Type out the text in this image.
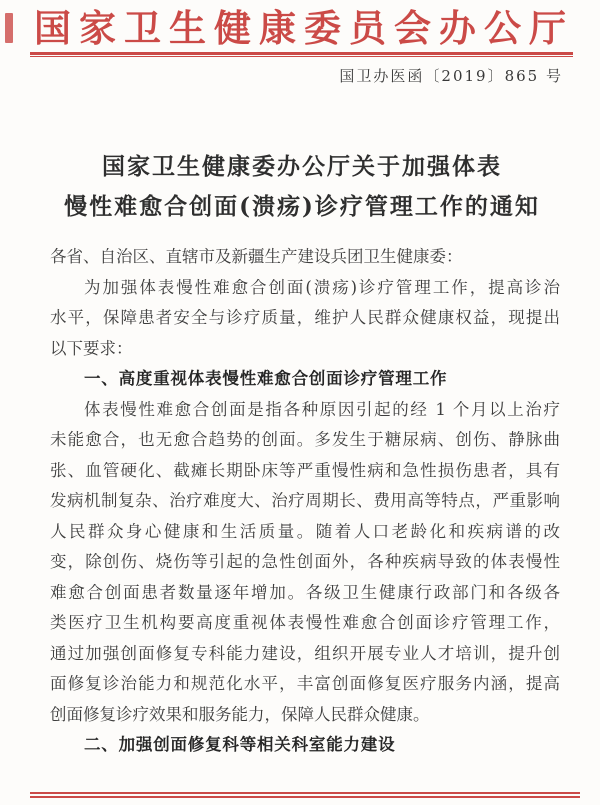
国家卫生健康委员会办公厅
国卫办医函〔2019〕865 号
国家卫生健康委办公厅关于加强体表
慢性难愈合创面(溃疡)诊疗管理工作的通知
各省、自治区、直辖市及新疆生产建设兵团卫生健康委：
为加强体表慢性难愈合创面(溃疡)诊疗管理工作，提高诊治
水平，保障患者安全与诊疗质量，维护人民群众健康权益，现提出
以下要求：
一、高度重视体表慢性难愈合创面诊疗管理工作
体表慢性难愈合创面是指各种原因引起的经 1 个月以上治疗
未能愈合，也无愈合趋势的创面。多发生于糖尿病、创伤、静脉曲
张、血管硬化、截瘫长期卧床等严重慢性病和急性损伤患者，具有
发病机制复杂、治疗难度大、治疗周期长、费用高等特点，严重影响
人民群众身心健康和生活质量。随着人口老龄化和疾病谱的改
变，除创伤、烧伤等引起的急性创面外，各种疾病导致的体表慢性
难愈合创面患者数量逐年增加。各级卫生健康行政部门和各级各
类医疗卫生机构要高度重视体表慢性难愈合创面诊疗管理工作，
通过加强创面修复专科能力建设，组织开展专业人才培训，提升创
面修复诊治能力和规范化水平，丰富创面修复医疗服务内涵，提高
创面修复诊疗效果和服务能力，保障人民群众健康。
二、加强创面修复科等相关科室能力建设
